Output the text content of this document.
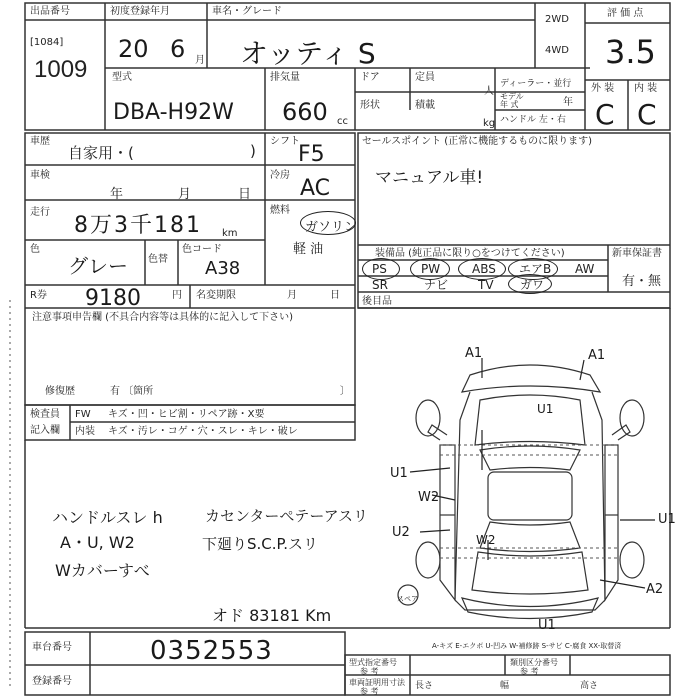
出品番号
[1084]
1009
初度登録年月
20 6 月
車名・グレード
オッティ S
2WD
4WD
評 価 点
3.5
型式
DBA-H92W
排気量
660 cc
ドア	定員
人
形状	積載
kg
ディーラー・並行
モデル
年 式	年
ハンドル 左・右
外 装 内 装
C C
車歴
自家用・(	)
シフト
F5
車検
年	月	日
冷房
AC
走行
8万3千181 km
燃料
ガソリン
軽 油
色
グレー 色替
色コード
A38
R券 9180	円 名変期限	月	日
注意事項申告欄 (不具合内容等は具体的に記入して下さい)
修復歴	有 〔箇所	〕
セールスポイント (正常に機能するものに限ります)
マニュアル車!
装備品 (純正品に限り○をつけてください)	新車保証書
有・無
PS	PW	ABS エアB AW
SR	ナビ TV ガワ
後目品
検査員
記入欄
FW キズ・凹・ヒビ割・リペア跡・X要
内装 キズ・汚レ・コゲ・穴・スレ・キレ・破レ
ハンドルスレ h
A・U, W2
Wカバーすべ
カセンターぺテーアスリ
下廻りS.C.P.スリ
オド 83181 Km
A1	A1
U1
U1
W2
U2	W2
U1
A2
U1
スペア
A-キズ E-エクボ U-凹み W-補修跡 S-サビ C-腐食 XX-取替済
車台番号	0352553
登録番号
型式指定番号
参 考
類別区分番号
参 考
車両証明用寸法
参 考
長さ	幅	高さ
